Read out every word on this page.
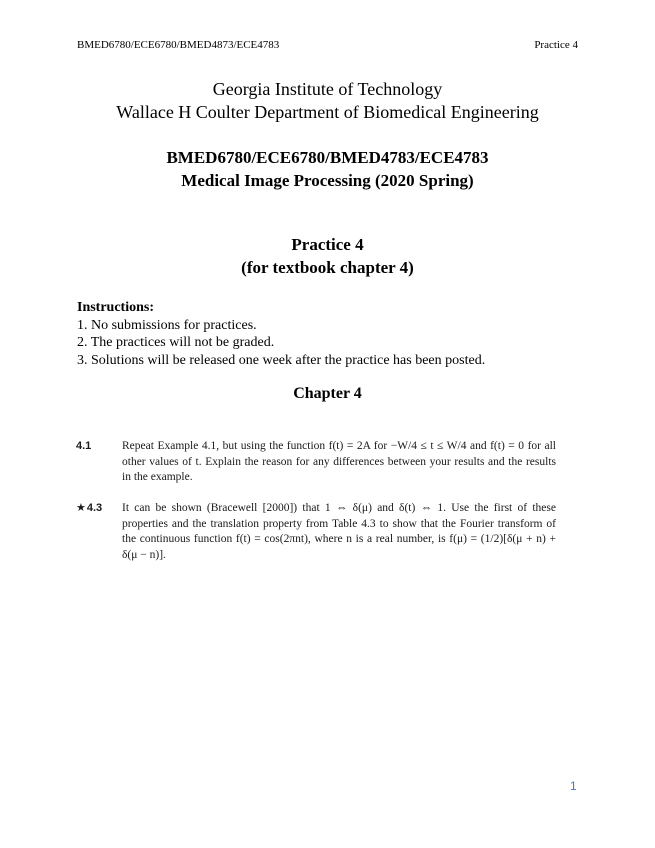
BMED6780/ECE6780/BMED4873/ECE4783	Practice 4
Georgia Institute of Technology
Wallace H Coulter Department of Biomedical Engineering
BMED6780/ECE6780/BMED4783/ECE4783
Medical Image Processing (2020 Spring)
Practice 4
(for textbook chapter 4)
Instructions:
1. No submissions for practices.
2. The practices will not be graded.
3. Solutions will be released one week after the practice has been posted.
Chapter 4
4.1	Repeat Example 4.1, but using the function f(t) = 2A for −W/4 ≤ t ≤ W/4 and f(t) = 0 for all other values of t. Explain the reason for any differences between your results and the results in the example.
★4.3	It can be shown (Bracewell [2000]) that 1 ⇔ δ(μ) and δ(t) ⇔ 1. Use the first of these properties and the translation property from Table 4.3 to show that the Fourier transform of the continuous function f(t) = cos(2πnt), where n is a real number, is f(μ) = (1/2)[δ(μ + n) + δ(μ − n)].
1
